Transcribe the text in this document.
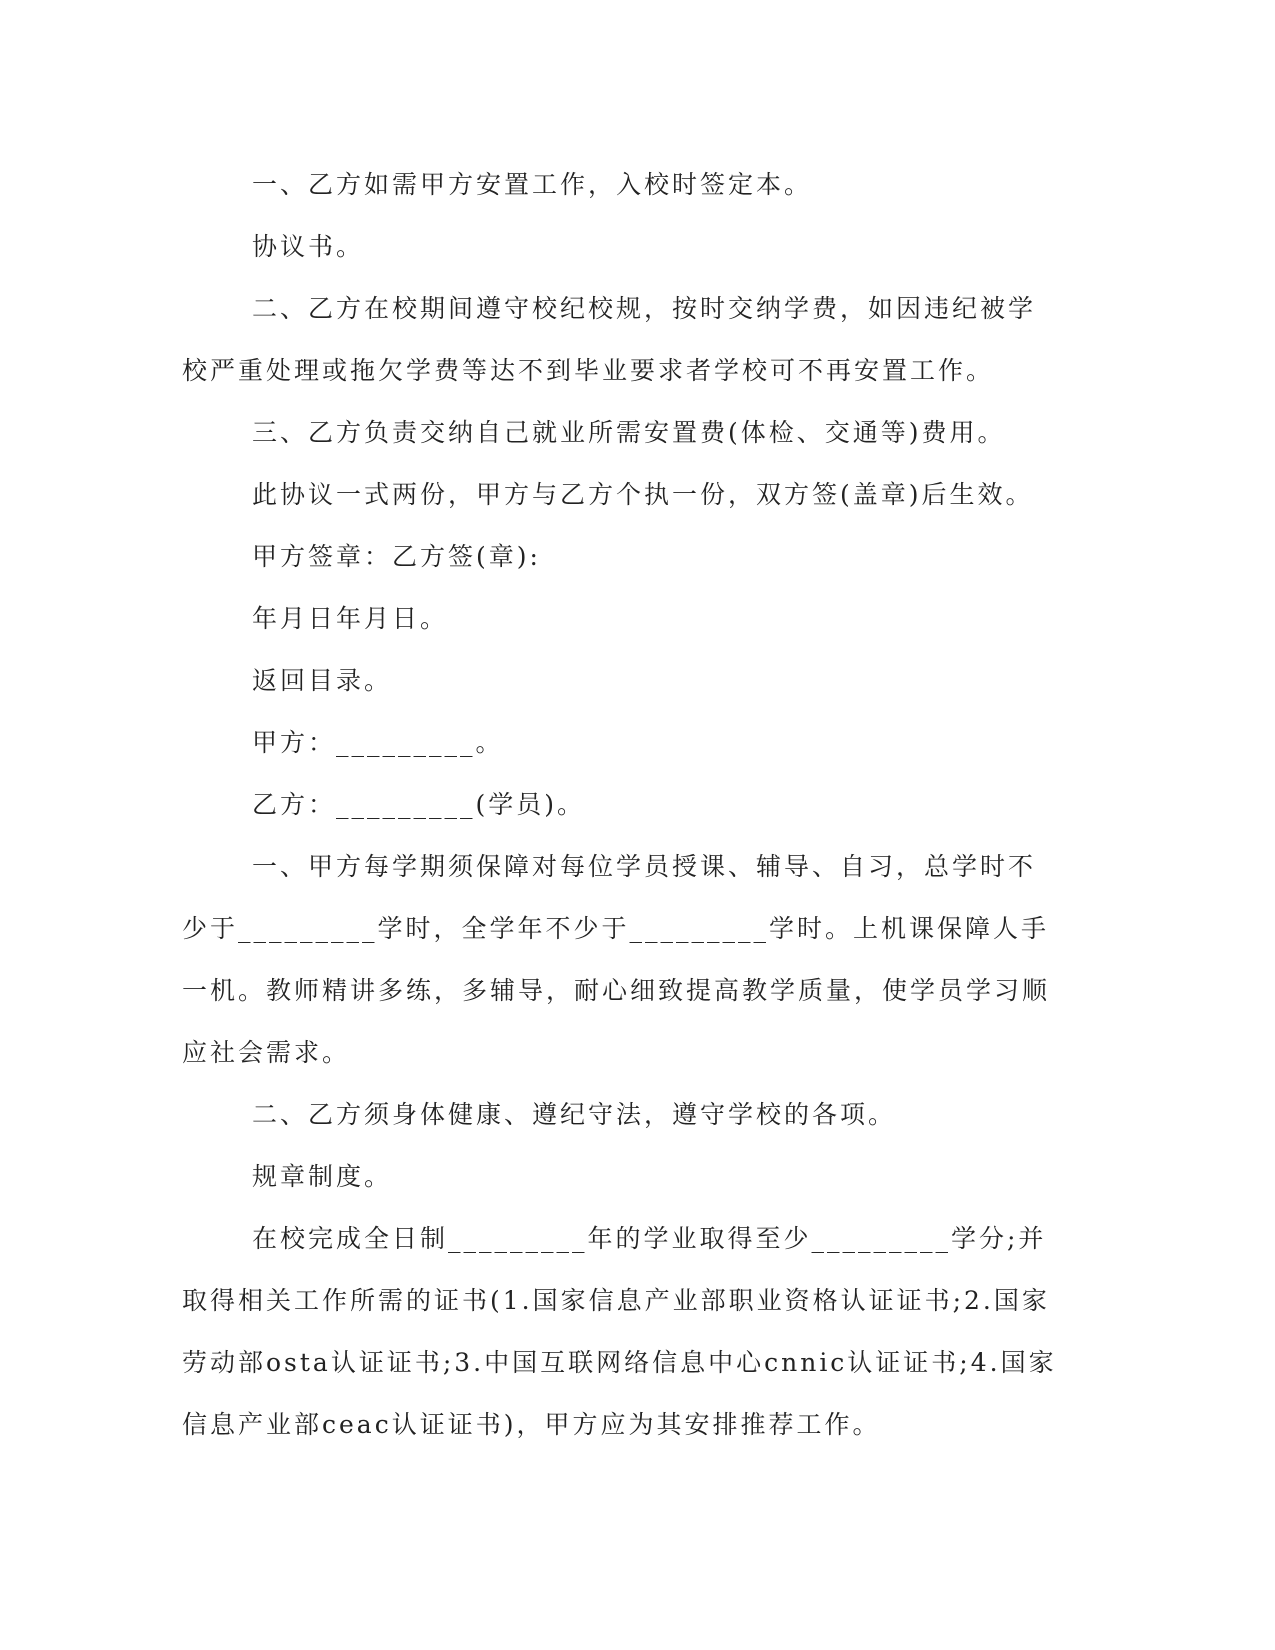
一、乙方如需甲方安置工作，入校时签定本。

协议书。

二、乙方在校期间遵守校纪校规，按时交纳学费，如因违纪被学校严重处理或拖欠学费等达不到毕业要求者学校可不再安置工作。

三、乙方负责交纳自己就业所需安置费(体检、交通等)费用。

此协议一式两份，甲方与乙方个执一份，双方签(盖章)后生效。

甲方签章：乙方签(章):

年月日年月日。

返回目录。

甲方：_________。

乙方：_________(学员)。

一、甲方每学期须保障对每位学员授课、辅导、自习，总学时不少于_________学时，全学年不少于_________学时。上机课保障人手一机。教师精讲多练，多辅导，耐心细致提高教学质量，使学员学习顺应社会需求。

二、乙方须身体健康、遵纪守法，遵守学校的各项。

规章制度。

在校完成全日制_________年的学业取得至少_________学分;并取得相关工作所需的证书(1.国家信息产业部职业资格认证证书;2.国家劳动部osta认证证书;3.中国互联网络信息中心cnnic认证证书;4.国家信息产业部ceac认证证书)，甲方应为其安排推荐工作。
